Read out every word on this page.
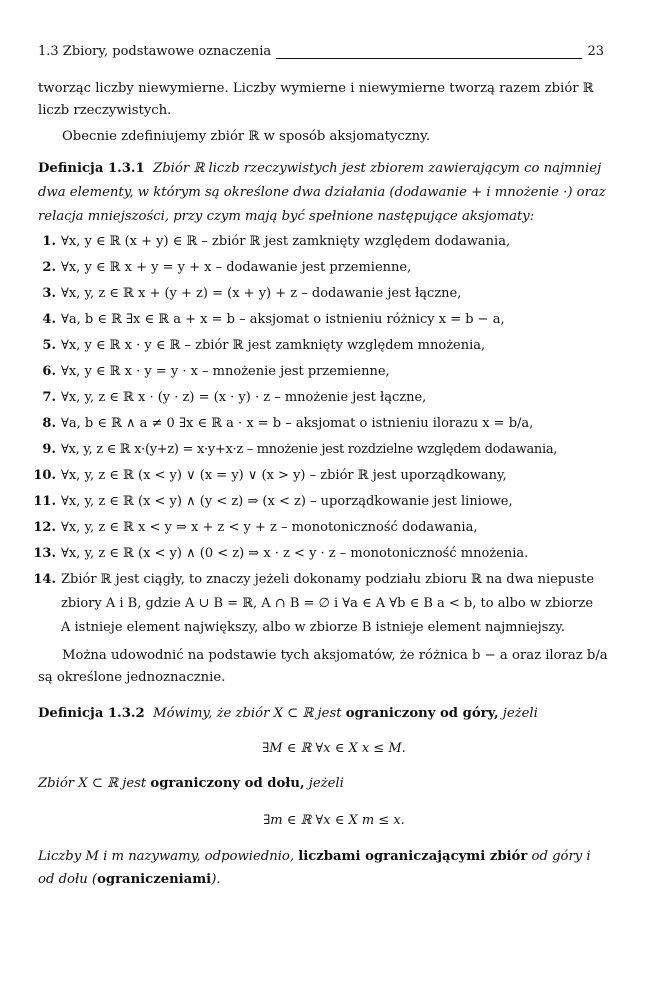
1.3 Zbiory, podstawowe oznaczenia	23
tworząc liczby niewymierne. Liczby wymierne i niewymierne tworzą razem zbiór ℝ
liczb rzeczywistych.
Obecnie zdefiniujemy zbiór ℝ w sposób aksjomatyczny.
Definicja 1.3.1 Zbiór ℝ liczb rzeczywistych jest zbiorem zawierającym co najmniej
dwa elementy, w którym są określone dwa działania (dodawanie + i mnożenie ·) oraz
relacja mniejszości, przy czym mają być spełnione następujące aksjomaty:
1. ∀x, y ∈ ℝ (x + y) ∈ ℝ – zbiór ℝ jest zamknięty względem dodawania,
2. ∀x, y ∈ ℝ x + y = y + x – dodawanie jest przemienne,
3. ∀x, y, z ∈ ℝ x + (y + z) = (x + y) + z – dodawanie jest łączne,
4. ∀a, b ∈ ℝ ∃x ∈ ℝ a + x = b – aksjomat o istnieniu różnicy x = b − a,
5. ∀x, y ∈ ℝ x · y ∈ ℝ – zbiór ℝ jest zamknięty względem mnożenia,
6. ∀x, y ∈ ℝ x · y = y · x – mnożenie jest przemienne,
7. ∀x, y, z ∈ ℝ x · (y · z) = (x · y) · z – mnożenie jest łączne,
8. ∀a, b ∈ ℝ ∧ a ≠ 0 ∃x ∈ ℝ a · x = b – aksjomat o istnieniu ilorazu x = b/a,
9. ∀x, y, z ∈ ℝ x·(y+z) = x·y+x·z – mnożenie jest rozdzielne względem dodawania,
10. ∀x, y, z ∈ ℝ (x < y) ∨ (x = y) ∨ (x > y) – zbiór ℝ jest uporządkowany,
11. ∀x, y, z ∈ ℝ (x < y) ∧ (y < z) ⇒ (x < z) – uporządkowanie jest liniowe,
12. ∀x, y, z ∈ ℝ x < y ⇒ x + z < y + z – monotoniczność dodawania,
13. ∀x, y, z ∈ ℝ (x < y) ∧ (0 < z) ⇒ x · z < y · z – monotoniczność mnożenia.
14. Zbiór ℝ jest ciągły, to znaczy jeżeli dokonamy podziału zbioru ℝ na dwa niepuste
zbiory A i B, gdzie A ∪ B = ℝ, A ∩ B = ∅ i ∀a ∈ A ∀b ∈ B a < b, to albo w zbiorze
A istnieje element największy, albo w zbiorze B istnieje element najmniejszy.
Można udowodnić na podstawie tych aksjomatów, że różnica b − a oraz iloraz b/a
są określone jednoznacznie.
Definicja 1.3.2 Mówimy, że zbiór X ⊂ ℝ jest ograniczony od góry, jeżeli
∃M ∈ ℝ ∀x ∈ X x ≤ M.
Zbiór X ⊂ ℝ jest ograniczony od dołu, jeżeli
∃m ∈ ℝ ∀x ∈ X m ≤ x.
Liczby M i m nazywamy, odpowiednio, liczbami ograniczającymi zbiór od góry i
od dołu (ograniczeniami).
